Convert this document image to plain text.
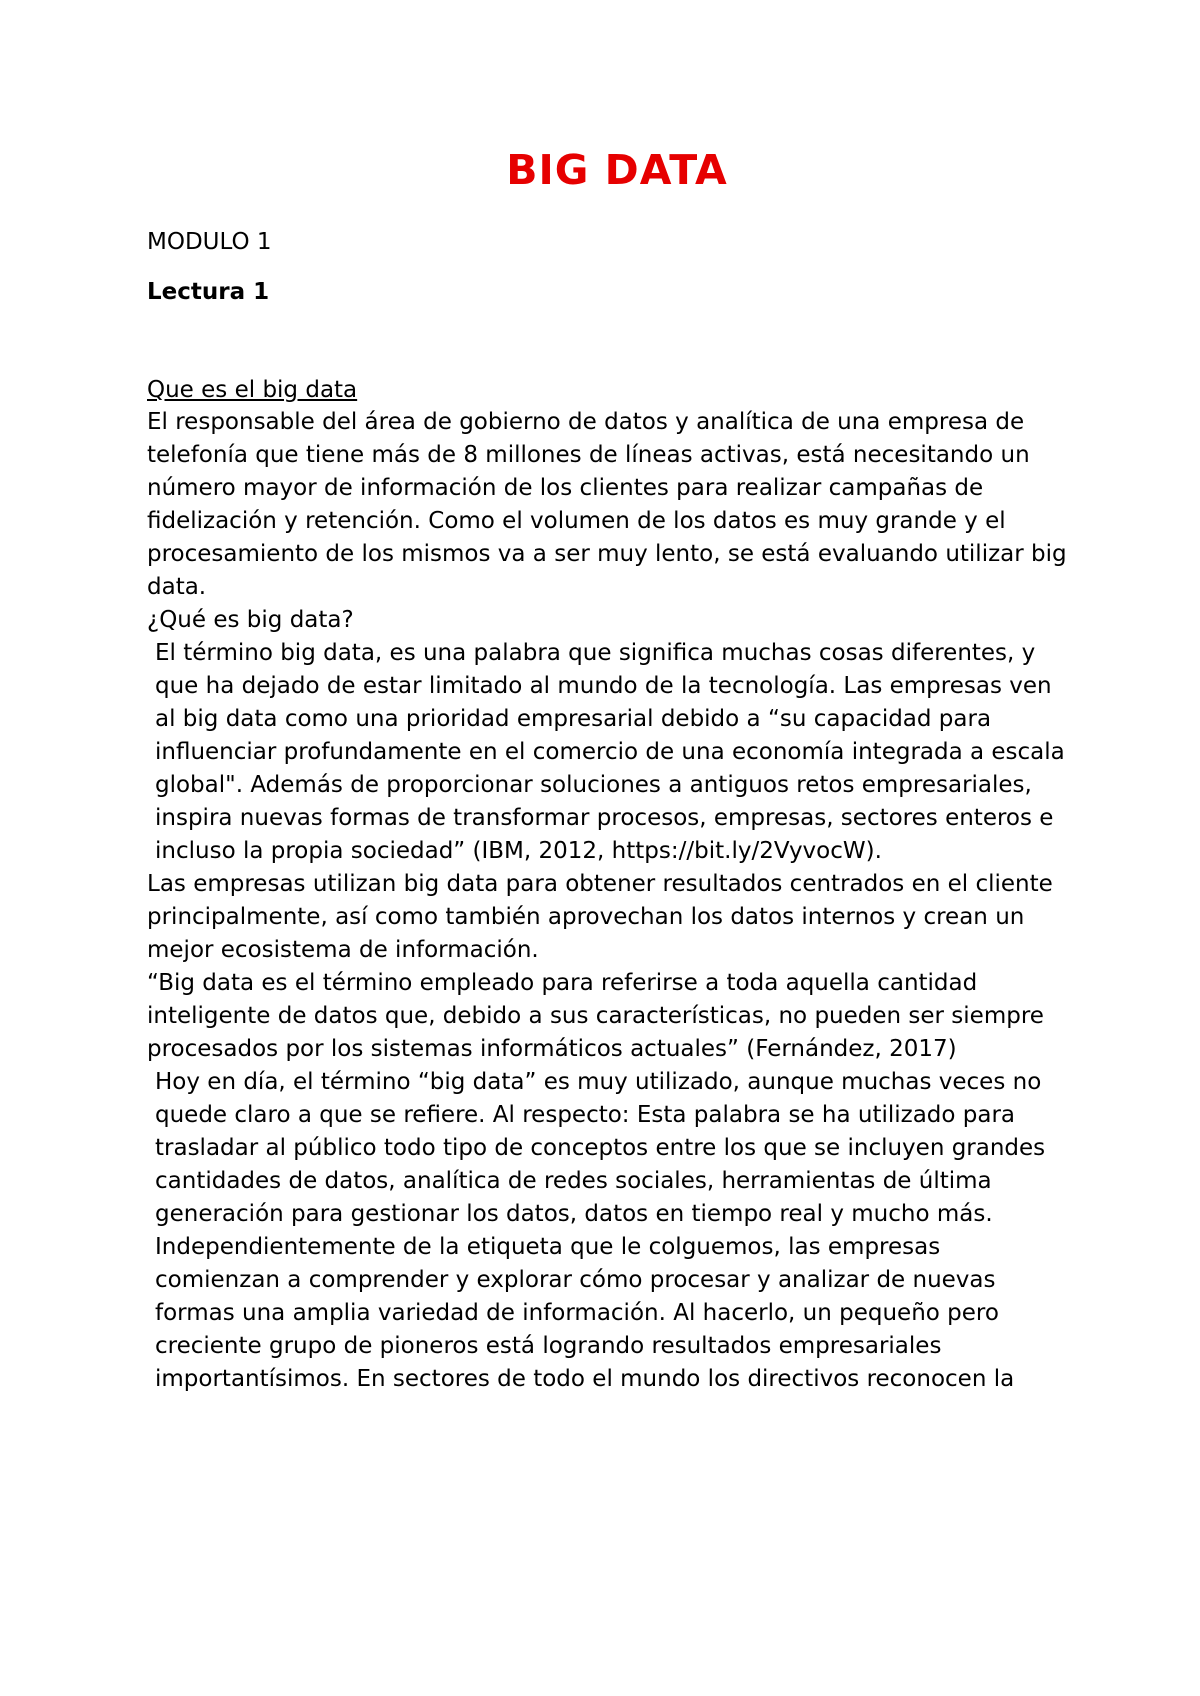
BIG DATA

MODULO 1

Lectura 1

Que es el big data

El responsable del área de gobierno de datos y analítica de una empresa de telefonía que tiene más de 8 millones de líneas activas, está necesitando un número mayor de información de los clientes para realizar campañas de fidelización y retención. Como el volumen de los datos es muy grande y el procesamiento de los mismos va a ser muy lento, se está evaluando utilizar big data.

¿Qué es big data?

El término big data, es una palabra que significa muchas cosas diferentes, y que ha dejado de estar limitado al mundo de la tecnología. Las empresas ven al big data como una prioridad empresarial debido a “su capacidad para influenciar profundamente en el comercio de una economía integrada a escala global". Además de proporcionar soluciones a antiguos retos empresariales, inspira nuevas formas de transformar procesos, empresas, sectores enteros e incluso la propia sociedad” (IBM, 2012, https://bit.ly/2VyvocW).

Las empresas utilizan big data para obtener resultados centrados en el cliente principalmente, así como también aprovechan los datos internos y crean un mejor ecosistema de información.

“Big data es el término empleado para referirse a toda aquella cantidad inteligente de datos que, debido a sus características, no pueden ser siempre procesados por los sistemas informáticos actuales” (Fernández, 2017)

Hoy en día, el término “big data” es muy utilizado, aunque muchas veces no quede claro a que se refiere. Al respecto: Esta palabra se ha utilizado para trasladar al público todo tipo de conceptos entre los que se incluyen grandes cantidades de datos, analítica de redes sociales, herramientas de última generación para gestionar los datos, datos en tiempo real y mucho más. Independientemente de la etiqueta que le colguemos, las empresas comienzan a comprender y explorar cómo procesar y analizar de nuevas formas una amplia variedad de información. Al hacerlo, un pequeño pero creciente grupo de pioneros está logrando resultados empresariales importantísimos. En sectores de todo el mundo los directivos reconocen la
